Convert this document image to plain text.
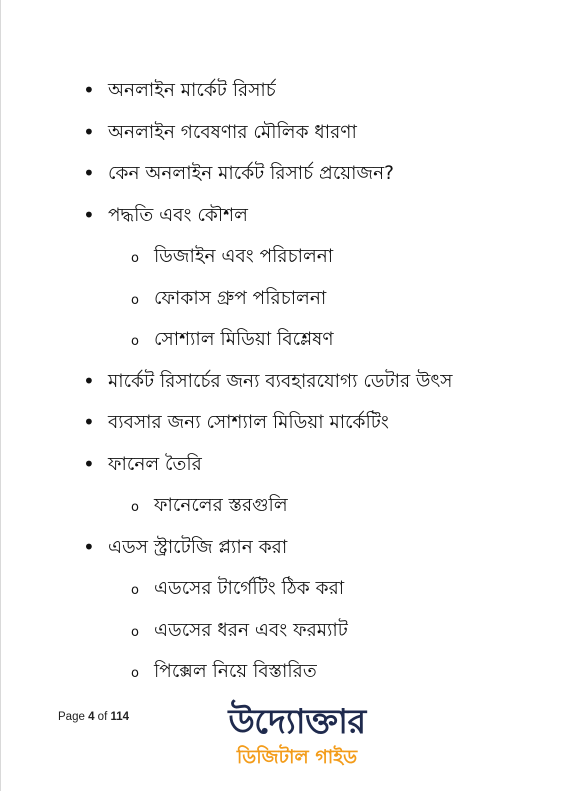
• অনলাইন মার্কেট রিসার্চ
• অনলাইন গবেষণার মৌলিক ধারণা
• কেন অনলাইন মার্কেট রিসার্চ প্রয়োজন?
• পদ্ধতি এবং কৌশল
o ডিজাইন এবং পরিচালনা
o ফোকাস গ্রুপ পরিচালনা
o সোশ্যাল মিডিয়া বিশ্লেষণ
• মার্কেট রিসার্চের জন্য ব্যবহারযোগ্য ডেটার উৎস
• ব্যবসার জন্য সোশ্যাল মিডিয়া মার্কেটিং
• ফানেল তৈরি
o ফানেলের স্তরগুলি
• এডস স্ট্রাটেজি প্ল্যান করা
o এডসের টার্গেটিং ঠিক করা
o এডসের ধরন এবং ফরম্যাট
o পিক্সেল নিয়ে বিস্তারিত
Page 4 of 114	উদ্যোক্তার
ডিজিটাল গাইড
